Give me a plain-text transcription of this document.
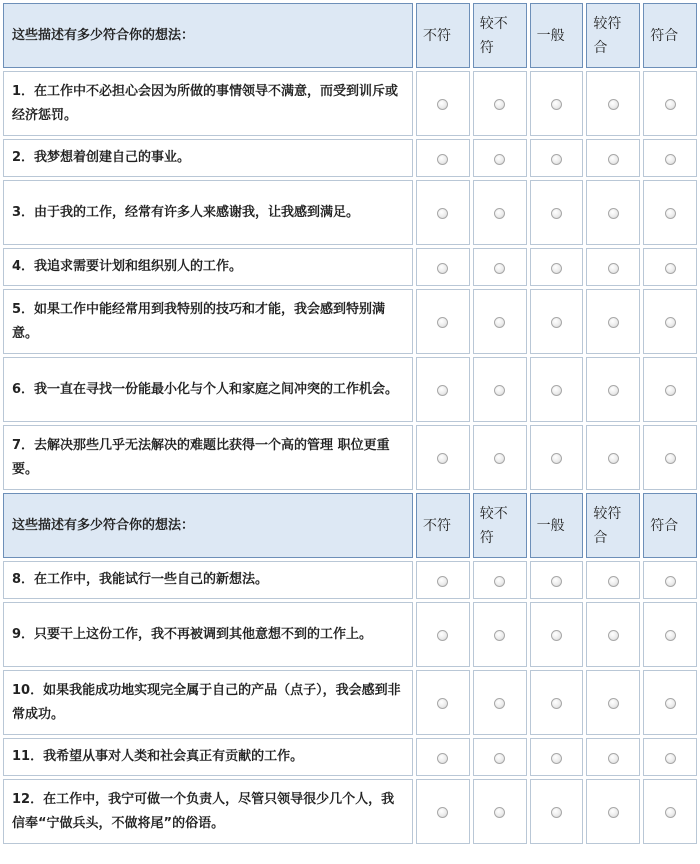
这些描述有多少符合你的想法：	不符	较不符	一般	较符合	符合
1．在工作中不必担心会因为所做的事情领导不满意，而受到训斥或经济惩罚。					
2．我梦想着创建自己的事业。					
3．由于我的工作，经常有许多人来感谢我，让我感到满足。					
4．我追求需要计划和组织别人的工作。					
5．如果工作中能经常用到我特别的技巧和才能，我会感到特别满意。					
6．我一直在寻找一份能最小化与个人和家庭之间冲突的工作机会。					
7．去解决那些几乎无法解决的难题比获得一个高的管理 职位更重要。					
这些描述有多少符合你的想法：	不符	较不符	一般	较符合	符合
8．在工作中，我能试行一些自己的新想法。					
9．只要干上这份工作，我不再被调到其他意想不到的工作上。					
10．如果我能成功地实现完全属于自己的产品（点子），我会感到非常成功。					
11．我希望从事对人类和社会真正有贡献的工作。					
12．在工作中，我宁可做一个负责人，尽管只领导很少几个人，我信奉“宁做兵头，不做将尾”的俗语。					
